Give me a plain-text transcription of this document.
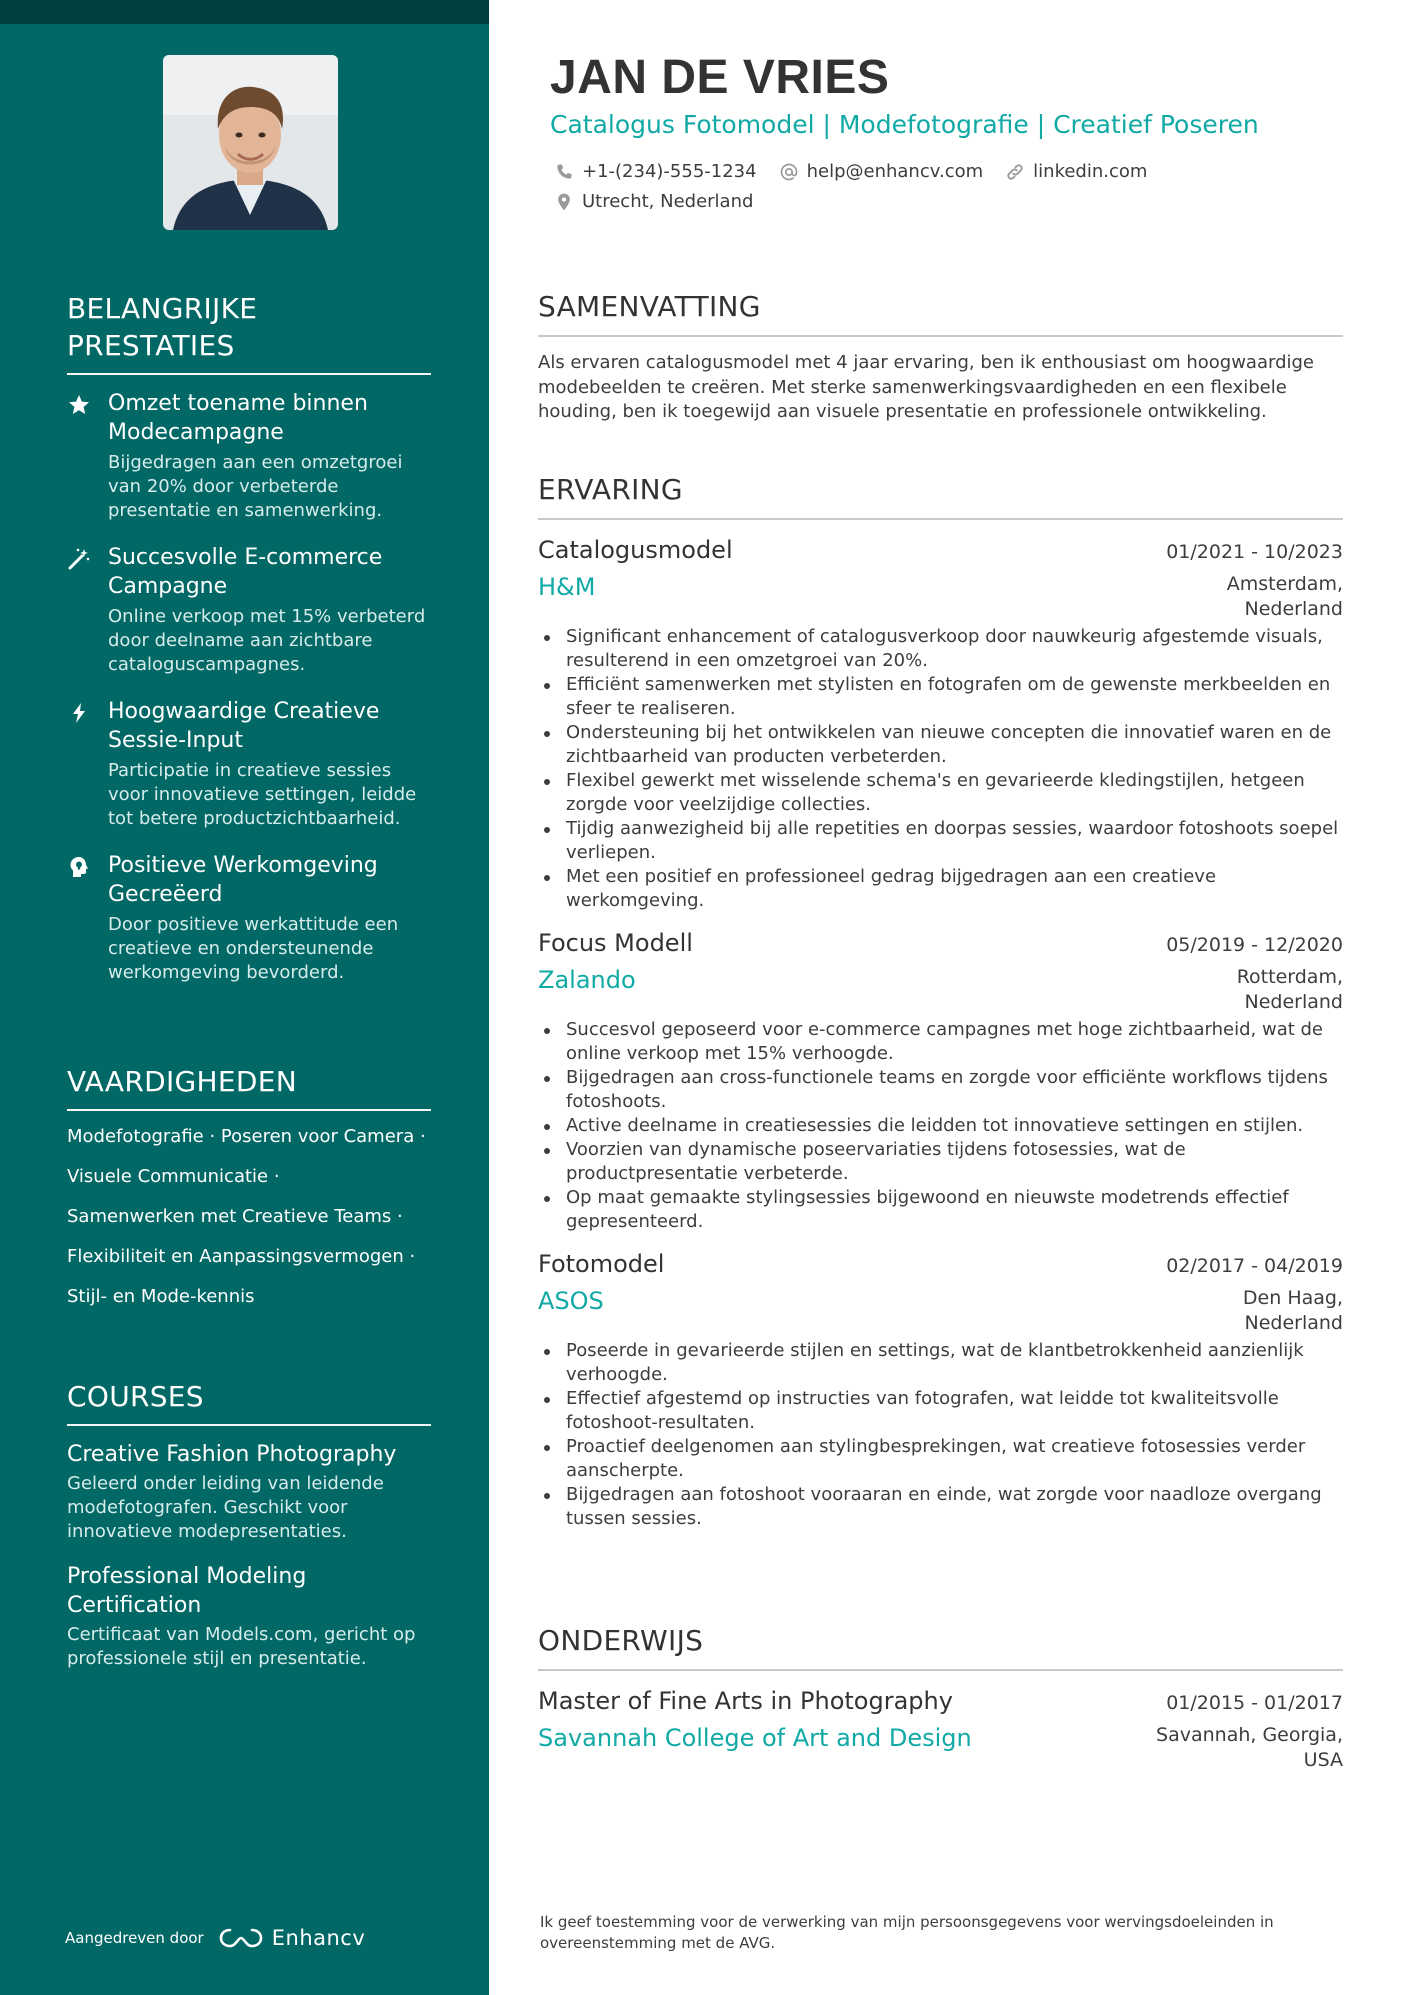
BELANGRIJKE PRESTATIES
Omzet toename binnen Modecampagne
Bijgedragen aan een omzetgroei van 20% door verbeterde presentatie en samenwerking.
Succesvolle E-commerce Campagne
Online verkoop met 15% verbeterd door deelname aan zichtbare cataloguscampagnes.
Hoogwaardige Creatieve Sessie-Input
Participatie in creatieve sessies voor innovatieve settingen, leidde tot betere productzichtbaarheid.
Positieve Werkomgeving Gecreëerd
Door positieve werkattitude een creatieve en ondersteunende werkomgeving bevorderd.
VAARDIGHEDEN
Modefotografie · Poseren voor Camera ·
Visuele Communicatie ·
Samenwerken met Creatieve Teams ·
Flexibiliteit en Aanpassingsvermogen ·
Stijl- en Mode-kennis
COURSES
Creative Fashion Photography
Geleerd onder leiding van leidende modefotografen. Geschikt voor innovatieve modepresentaties.
Professional Modeling Certification
Certificaat van Models.com, gericht op professionele stijl en presentatie.
Aangedreven door	Enhancv
JAN DE VRIES
Catalogus Fotomodel | Modefotografie | Creatief Poseren
+1-(234)-555-1234	help@enhancv.com	linkedin.com
Utrecht, Nederland
SAMENVATTING
Als ervaren catalogusmodel met 4 jaar ervaring, ben ik enthousiast om hoogwaardige modebeelden te creëren. Met sterke samenwerkingsvaardigheden en een flexibele houding, ben ik toegewijd aan visuele presentatie en professionele ontwikkeling.
ERVARING
Catalogusmodel	01/2021 - 10/2023
H&M	Amsterdam,
Nederland
Significant enhancement of catalogusverkoop door nauwkeurig afgestemde visuals, resulterend in een omzetgroei van 20%.
Efficiënt samenwerken met stylisten en fotografen om de gewenste merkbeelden en sfeer te realiseren.
Ondersteuning bij het ontwikkelen van nieuwe concepten die innovatief waren en de zichtbaarheid van producten verbeterden.
Flexibel gewerkt met wisselende schema's en gevarieerde kledingstijlen, hetgeen zorgde voor veelzijdige collecties.
Tijdig aanwezigheid bij alle repetities en doorpas sessies, waardoor fotoshoots soepel verliepen.
Met een positief en professioneel gedrag bijgedragen aan een creatieve werkomgeving.
Focus Modell	05/2019 - 12/2020
Zalando	Rotterdam,
Nederland
Succesvol geposeerd voor e-commerce campagnes met hoge zichtbaarheid, wat de online verkoop met 15% verhoogde.
Bijgedragen aan cross-functionele teams en zorgde voor efficiënte workflows tijdens fotoshoots.
Active deelname in creatiesessies die leidden tot innovatieve settingen en stijlen.
Voorzien van dynamische poseervariaties tijdens fotosessies, wat de productpresentatie verbeterde.
Op maat gemaakte stylingsessies bijgewoond en nieuwste modetrends effectief gepresenteerd.
Fotomodel	02/2017 - 04/2019
ASOS	Den Haag,
Nederland
Poseerde in gevarieerde stijlen en settings, wat de klantbetrokkenheid aanzienlijk verhoogde.
Effectief afgestemd op instructies van fotografen, wat leidde tot kwaliteitsvolle fotoshoot-resultaten.
Proactief deelgenomen aan stylingbesprekingen, wat creatieve fotosessies verder aanscherpte.
Bijgedragen aan fotoshoot vooraaran en einde, wat zorgde voor naadloze overgang tussen sessies.
ONDERWIJS
Master of Fine Arts in Photography	01/2015 - 01/2017
Savannah College of Art and Design	Savannah, Georgia,
USA
Ik geef toestemming voor de verwerking van mijn persoonsgegevens voor wervingsdoeleinden in overeenstemming met de AVG.
